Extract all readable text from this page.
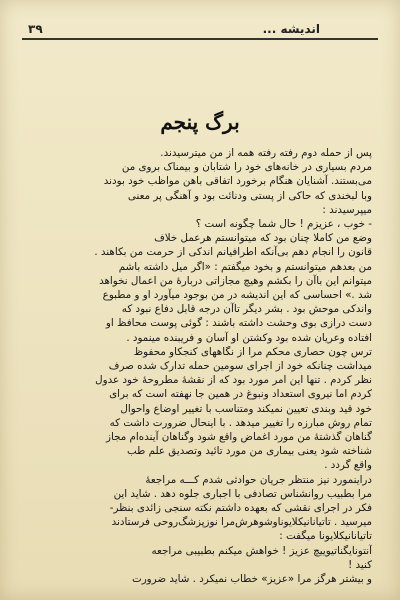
۳۹	اندیشه ...
برگ پنجم

پس از حمله دوم رفته رفته همه از من میترسیدند.
مردم بسیاری در خانه‌های خود را شتابان و بیمناک بروی من
می‌بستند. آشنایان هنگام برخورد اتفاقی باهن مواظب خود بودند
وبا لبخندی که حاکی از پستی ودنائت بود و آهنگی پر معنی
میپرسیدند :
- خوب ، عزیزم ! حال شما چگونه است ؟
وضع من کاملا چنان بود که میتوانستم هرعمل خلاف
قانون را انجام دهم بی‌آنکه اطرافیانم اندکی از حرمت من بکاهند .
من بعدهم میتوانستم و بخود میگفتم : «اگر میل داشته باشم
میتوانم این باآن را بکشم وهیچ مجازاتی دربارهٔ من اعمال نخواهد
شد .» احساسی که این اندیشه در من بوجود میآورد او و مطبوع
واندکی موحش بود . بشر دیگر تاآن درجه قابل دفاع نبود که
دست درازی بوی وحشت داشته باشند : گوئی پوست محافظ او
افتاده وعریان شده بود وکشتن او آسان و فریبنده مینمود .
ترس چون حصاری محکم مرا از نگاههای کنجکاو محفوظ
میداشت چنانکه خود از اجرای سومین حمله تدارک شده صرف
نظر کردم . تنها این امر مورد بود که از نقشهٔ مطروحهٔ خود عدول
کردم اما نیروی استعداد ونبوغ در همین جا نهفته است که برای
خود قید وبندی تعیین نمیکند ومتناسب با تغییر اوضاع واحوال
تمام روش مبارزه را تغییر میدهد . با اینحال ضرورت داشت که
گناهان گذشتهٔ من مورد اغماض واقع شود وگناهان آینده‌ام مجاز
شناخته شود یعنی بیماری من مورد تائید وتصدیق علم طب
واقع گردد .
دراینمورد نیز منتظر جریان حوادثی شدم کـــه مراجعهٔ
مرا بطبیب روانشناس تصادفی با اجباری جلوه دهد . شاید این
فکر در اجرای نقشی که بعهده داشتم نکته سنجی زائدی بنظر-
میرسید . تاتیانانیکلایوناوشوهرش‌مرا نوزپزشگ‌روحی فرستادند
تاتیانانیکلایونا میگفت :
آنتونایگناتیوییچ عزیز ! خواهش میکنم بطبیبی مراجعه
کنید !
و بیشتر هرگز مرا «عزیز» خطاب نمیکرد . شاید ضرورت
